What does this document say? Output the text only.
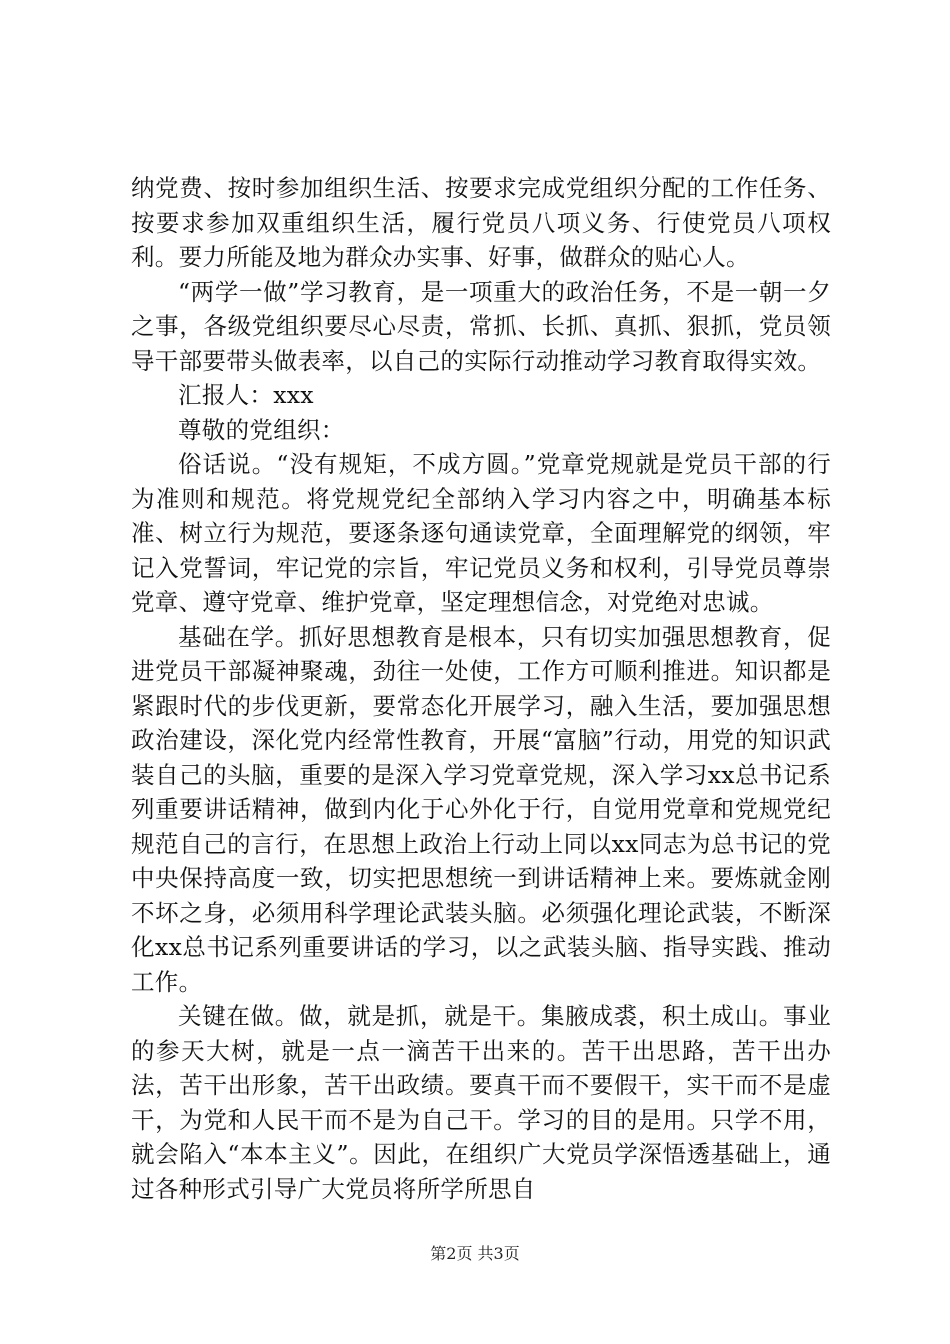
纳党费、按时参加组织生活、按要求完成党组织分配的工作任务、按要求参加双重组织生活，履行党员八项义务、行使党员八项权利。要力所能及地为群众办实事、好事，做群众的贴心人。

“两学一做”学习教育，是一项重大的政治任务，不是一朝一夕之事，各级党组织要尽心尽责，常抓、长抓、真抓、狠抓，党员领导干部要带头做表率，以自己的实际行动推动学习教育取得实效。

汇报人：xxx

尊敬的党组织：

俗话说。“没有规矩，不成方圆。”党章党规就是党员干部的行为准则和规范。将党规党纪全部纳入学习内容之中，明确基本标准、树立行为规范，要逐条逐句通读党章，全面理解党的纲领，牢记入党誓词，牢记党的宗旨，牢记党员义务和权利，引导党员尊崇党章、遵守党章、维护党章，坚定理想信念，对党绝对忠诚。

基础在学。抓好思想教育是根本，只有切实加强思想教育，促进党员干部凝神聚魂，劲往一处使，工作方可顺利推进。知识都是紧跟时代的步伐更新，要常态化开展学习，融入生活，要加强思想政治建设，深化党内经常性教育，开展“富脑”行动，用党的知识武装自己的头脑，重要的是深入学习党章党规，深入学习xx总书记系列重要讲话精神，做到内化于心外化于行，自觉用党章和党规党纪规范自己的言行，在思想上政治上行动上同以xx同志为总书记的党中央保持高度一致，切实把思想统一到讲话精神上来。要炼就金刚不坏之身，必须用科学理论武装头脑。必须强化理论武装，不断深化xx总书记系列重要讲话的学习，以之武装头脑、指导实践、推动工作。

关键在做。做，就是抓，就是干。集腋成裘，积土成山。事业的参天大树，就是一点一滴苦干出来的。苦干出思路，苦干出办法，苦干出形象，苦干出政绩。要真干而不要假干，实干而不是虚干，为党和人民干而不是为自己干。学习的目的是用。只学不用，就会陷入“本本主义”。因此，在组织广大党员学深悟透基础上，通过各种形式引导广大党员将所学所思自

第2页 共3页
